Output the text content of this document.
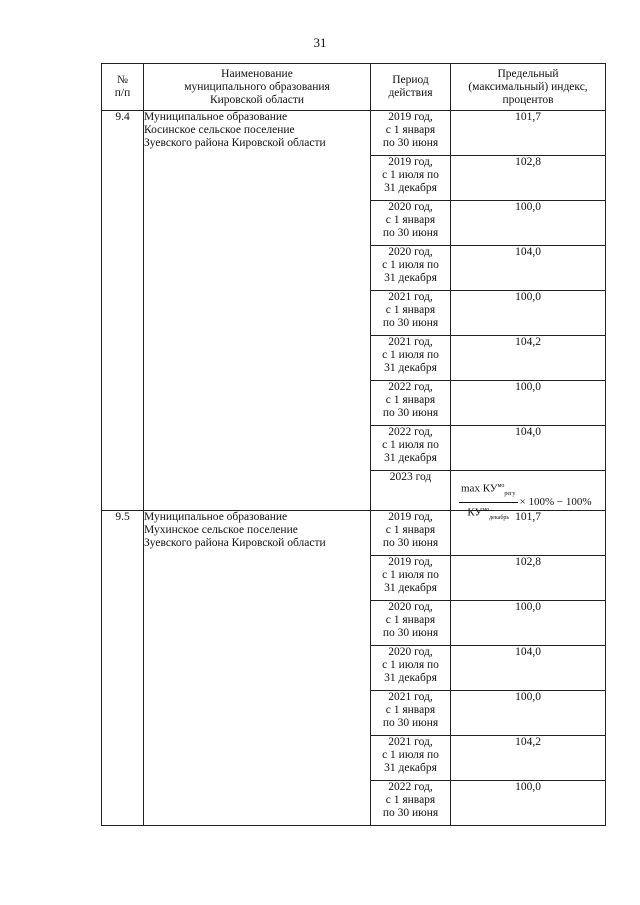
31
№
п/п	Наименование
муниципального образования
Кировской области	Период
действия	Предельный
(максимальный) индекс,
процентов

9.4	Муниципальное образование
Косинское сельское поселение
Зуевского района Кировской области	2019 год,
с 1 января
по 30 июня	101,7

		2019 год,
с 1 июля по
31 декабря	102,8

		2020 год,
с 1 января
по 30 июня	100,0

		2020 год,
с 1 июля по
31 декабря	104,0

		2021 год,
с 1 января
по 30 июня	100,0

		2021 год,
с 1 июля по
31 декабря	104,2

		2022 год,
с 1 января
по 30 июня	100,0

		2022 год,
с 1 июля по
31 декабря	104,0

		2023 год	$\frac{\max КУ^{мо}_{регу}}{КУ^{мо}_{декабрь}} \times 100\% - 100\%$

9.5	Муниципальное образование
Мухинское сельское поселение
Зуевского района Кировской области	2019 год,
с 1 января
по 30 июня	101,7

		2019 год,
с 1 июля по
31 декабря	102,8

		2020 год,
с 1 января
по 30 июня	100,0

		2020 год,
с 1 июля по
31 декабря	104,0

		2021 год,
с 1 января
по 30 июня	100,0

		2021 год,
с 1 июля по
31 декабря	104,2

		2022 год,
с 1 января
по 30 июня	100,0
